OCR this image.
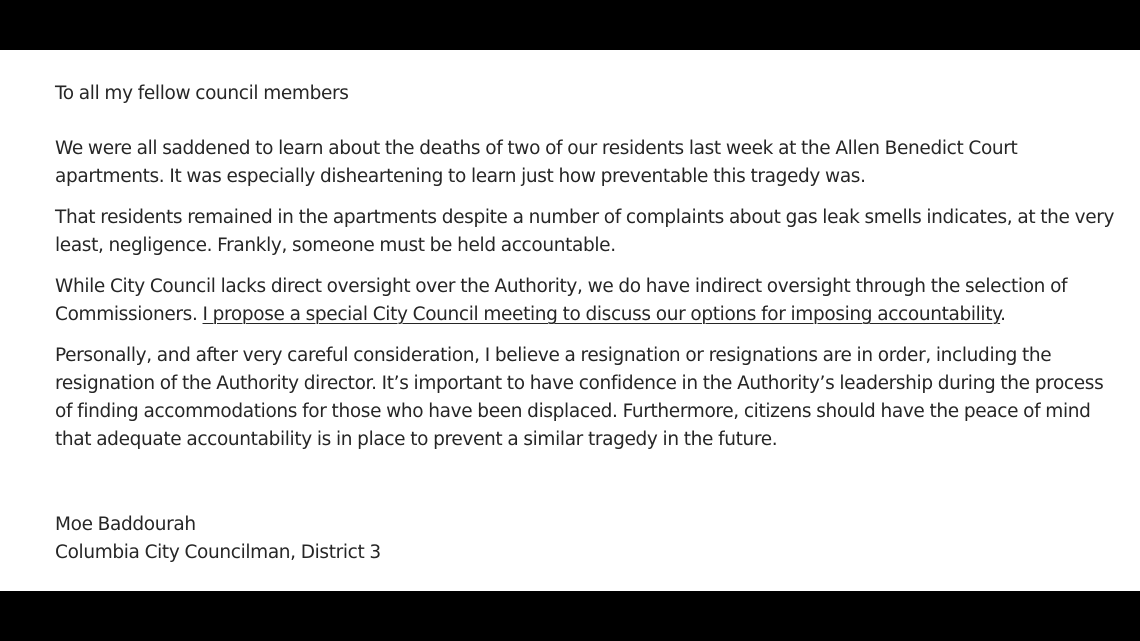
To all my fellow council members

We were all saddened to learn about the deaths of two of our residents last week at the Allen Benedict Court apartments. It was especially disheartening to learn just how preventable this tragedy was.

That residents remained in the apartments despite a number of complaints about gas leak smells indicates, at the very least, negligence. Frankly, someone must be held accountable.

While City Council lacks direct oversight over the Authority, we do have indirect oversight through the selection of Commissioners. I propose a special City Council meeting to discuss our options for imposing accountability.

Personally, and after very careful consideration, I believe a resignation or resignations are in order, including the resignation of the Authority director. It’s important to have confidence in the Authority’s leadership during the process of finding accommodations for those who have been displaced. Furthermore, citizens should have the peace of mind that adequate accountability is in place to prevent a similar tragedy in the future.

Moe Baddourah
Columbia City Councilman, District 3
